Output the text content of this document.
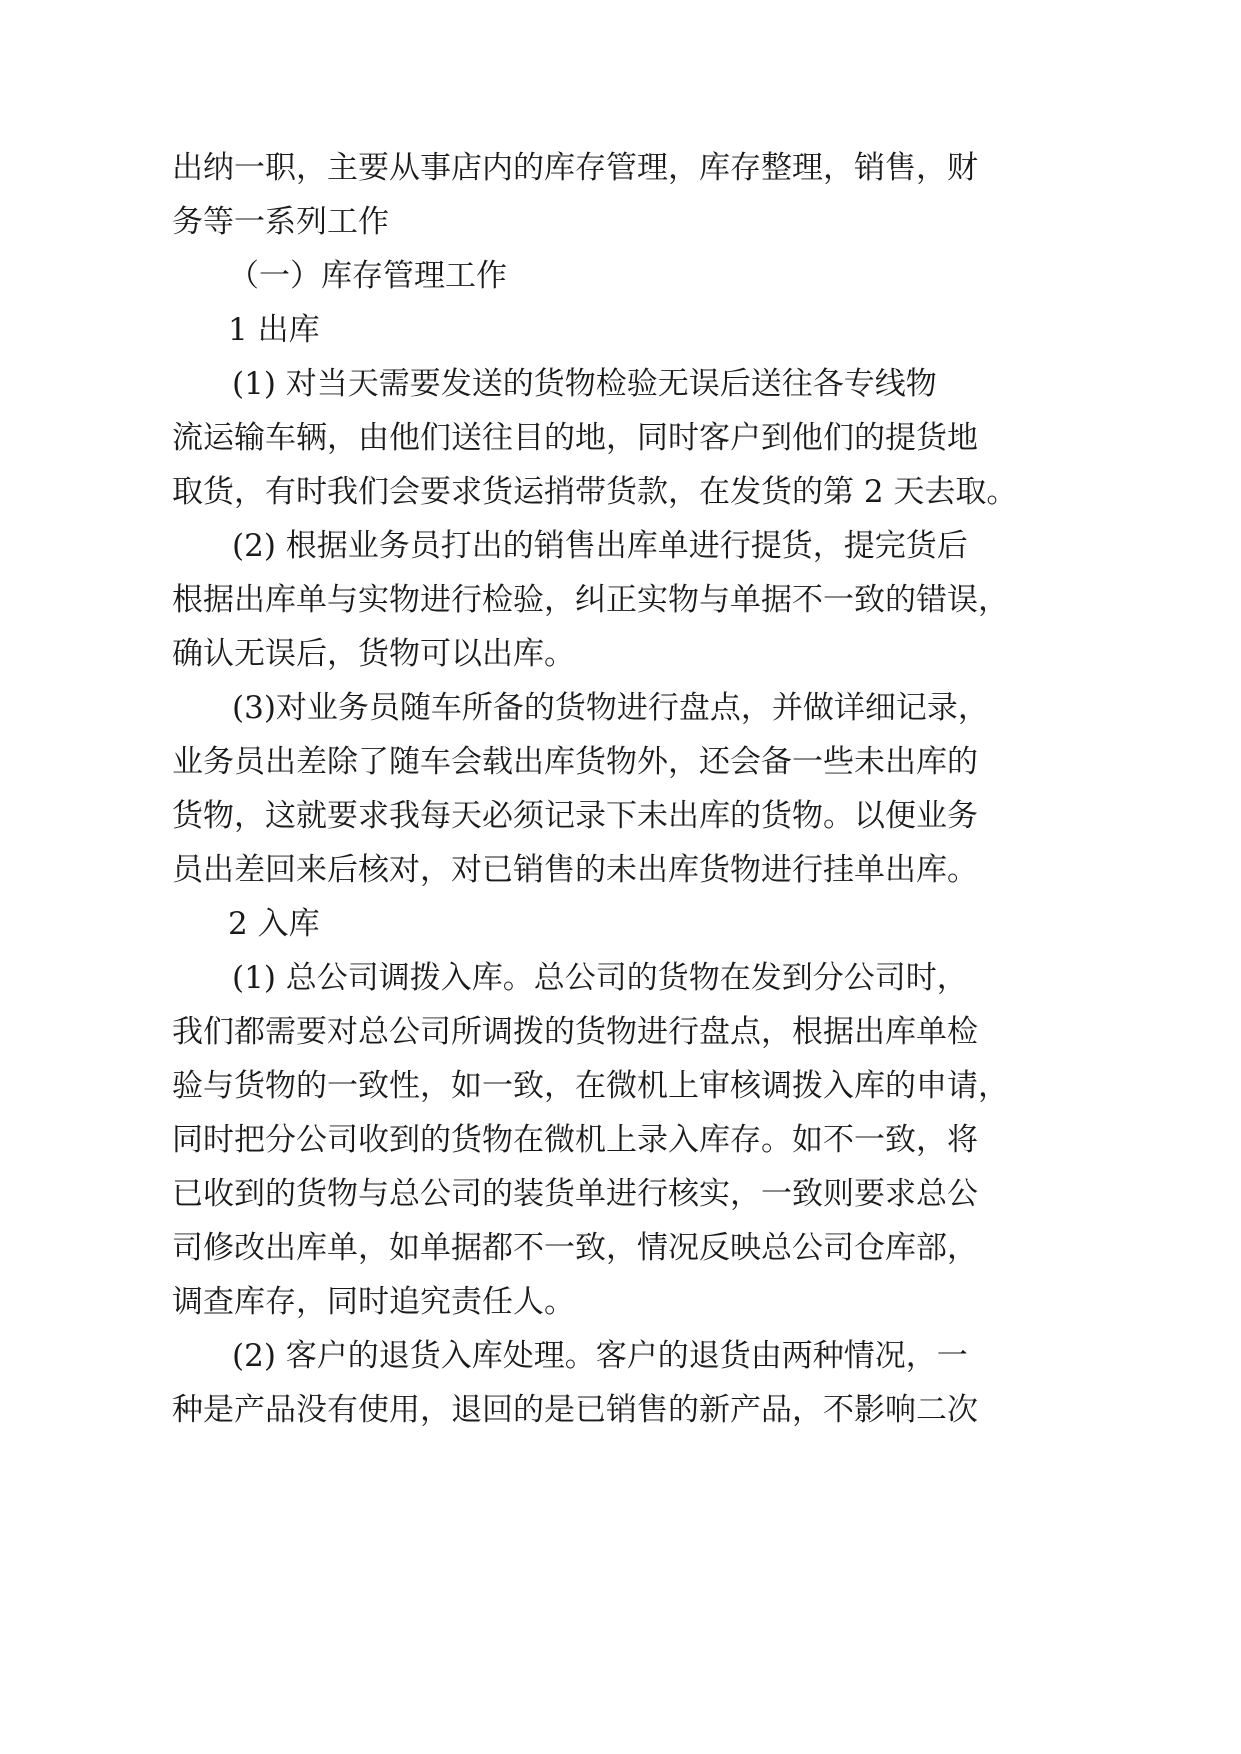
出纳一职，主要从事店内的库存管理，库存整理，销售，财
务等一系列工作
（一）库存管理工作
1 出库
(1) 对当天需要发送的货物检验无误后送往各专线物
流运输车辆，由他们送往目的地，同时客户到他们的提货地
取货，有时我们会要求货运捎带货款，在发货的第 2 天去取。
(2) 根据业务员打出的销售出库单进行提货，提完货后
根据出库单与实物进行检验，纠正实物与单据不一致的错误，
确认无误后，货物可以出库。
(3)对业务员随车所备的货物进行盘点，并做详细记录，
业务员出差除了随车会载出库货物外，还会备一些未出库的
货物，这就要求我每天必须记录下未出库的货物。以便业务
员出差回来后核对，对已销售的未出库货物进行挂单出库。
2 入库
(1) 总公司调拨入库。总公司的货物在发到分公司时，
我们都需要对总公司所调拨的货物进行盘点，根据出库单检
验与货物的一致性，如一致，在微机上审核调拨入库的申请，
同时把分公司收到的货物在微机上录入库存。如不一致，将
已收到的货物与总公司的装货单进行核实，一致则要求总公
司修改出库单，如单据都不一致，情况反映总公司仓库部，
调查库存，同时追究责任人。
(2) 客户的退货入库处理。客户的退货由两种情况，一
种是产品没有使用，退回的是已销售的新产品，不影响二次
